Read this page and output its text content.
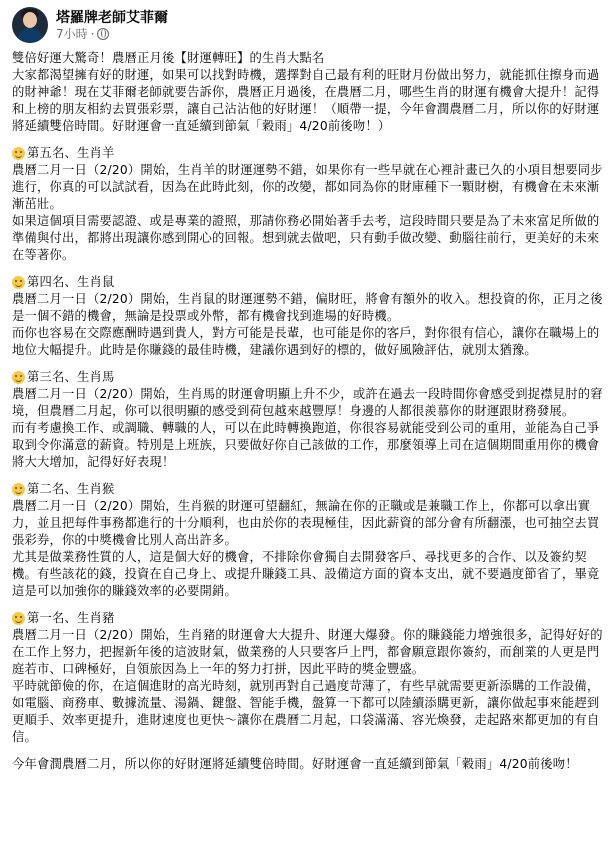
塔羅牌老師艾菲爾
7小時 ·

雙倍好運大驚奇！農曆正月後【財運轉旺】的生肖大點名

大家都渴望擁有好的財運，如果可以找對時機，選擇對自己最有利的旺財月份做出努力，就能抓住擦身而過的財神爺！現在艾菲爾老師就要告訴你，農曆正月過後，在農曆二月，哪些生肖的財運有機會大提升！記得和上榜的朋友相約去買張彩票，讓自己沾沾他的好財運！（順帶一提，今年會潤農曆二月，所以你的好財運將延續雙倍時間。好財運會一直延續到節氣「穀雨」4/20前後吻！）

第五名、生肖羊

農曆二月一日（2/20）開始，生肖羊的財運運勢不錯，如果你有一些早就在心裡計畫已久的小項目想要同步進行，你真的可以試試看，因為在此時此刻，你的改變，都如同為你的財庫種下一顆財樹，有機會在未來漸漸茁壯。

如果這個項目需要認證、或是專業的證照，那請你務必開始著手去考，這段時間只要是為了未來富足所做的準備與付出，都將出現讓你感到開心的回報。想到就去做吧，只有動手做改變、動腦往前行，更美好的未來在等著你。

第四名、生肖鼠

農曆二月一日（2/20）開始，生肖鼠的財運運勢不錯，偏財旺，將會有額外的收入。想投資的你，正月之後是一個不錯的機會，無論是投票或外幣，都有機會找到進場的好時機。

而你也容易在交際應酬時遇到貴人，對方可能是長輩，也可能是你的客戶，對你很有信心，讓你在職場上的地位大幅提升。此時是你賺錢的最佳時機，建議你遇到好的標的，做好風險評估，就別太猶豫。

第三名、生肖馬

農曆二月一日（2/20）開始，生肖馬的財運會明顯上升不少，或許在過去一段時間你會感受到捉襟見肘的窘境，但農曆二月起，你可以很明顯的感受到荷包越來越豐厚！身邊的人都很羨慕你的財運跟財務發展。

而有考慮換工作、或調職、轉職的人，可以在此時轉換跑道，你很容易就能受到公司的重用，並能為自己爭取到令你滿意的薪資。特別是上班族，只要做好你自己該做的工作，那麼領導上司在這個期間重用你的機會將大大增加，記得好好表現！

第二名、生肖猴

農曆二月一日（2/20）開始，生肖猴的財運可望翻紅，無論在你的正職或是兼職工作上，你都可以拿出實力，並且把每件事務都進行的十分順利，也由於你的表現極佳，因此薪資的部分會有所翻漲，也可抽空去買張彩券，你的中獎機會比別人高出許多。

尤其是做業務性質的人，這是個大好的機會，不排除你會獨自去開發客戶、尋找更多的合作、以及簽約契機。有些該花的錢，投資在自己身上、或提升賺錢工具、設備這方面的資本支出，就不要過度節省了，畢竟這是可以加強你的賺錢效率的必要開銷。

第一名、生肖豬

農曆二月一日（2/20）開始，生肖豬的財運會大大提升、財運大爆發。你的賺錢能力增強很多，記得好好的在工作上努力，把握新年後的這波財氣，做業務的人只要客戶上門，都會願意跟你簽約，而創業的人更是門庭若市、口碑極好，自領旅因為上一年的努力打拼，因此平時的獎金豐盛。

平時就節儉的你，在這個進財的高光時刻，就別再對自己過度苛薄了，有些早就需要更新添購的工作設備，如電腦、商務車、數據流量、湯鍋、鍵盤、智能手機，盤算一下都可以陸續添購更新，讓你做起事來能趕到更順手、效率更提升，進財速度也更快～讓你在農曆二月起，口袋滿滿、容光煥發，走起路來都更加的有自信。

今年會潤農曆二月，所以你的好財運將延續雙倍時間。好財運會一直延續到節氣「穀雨」4/20前後吻！
